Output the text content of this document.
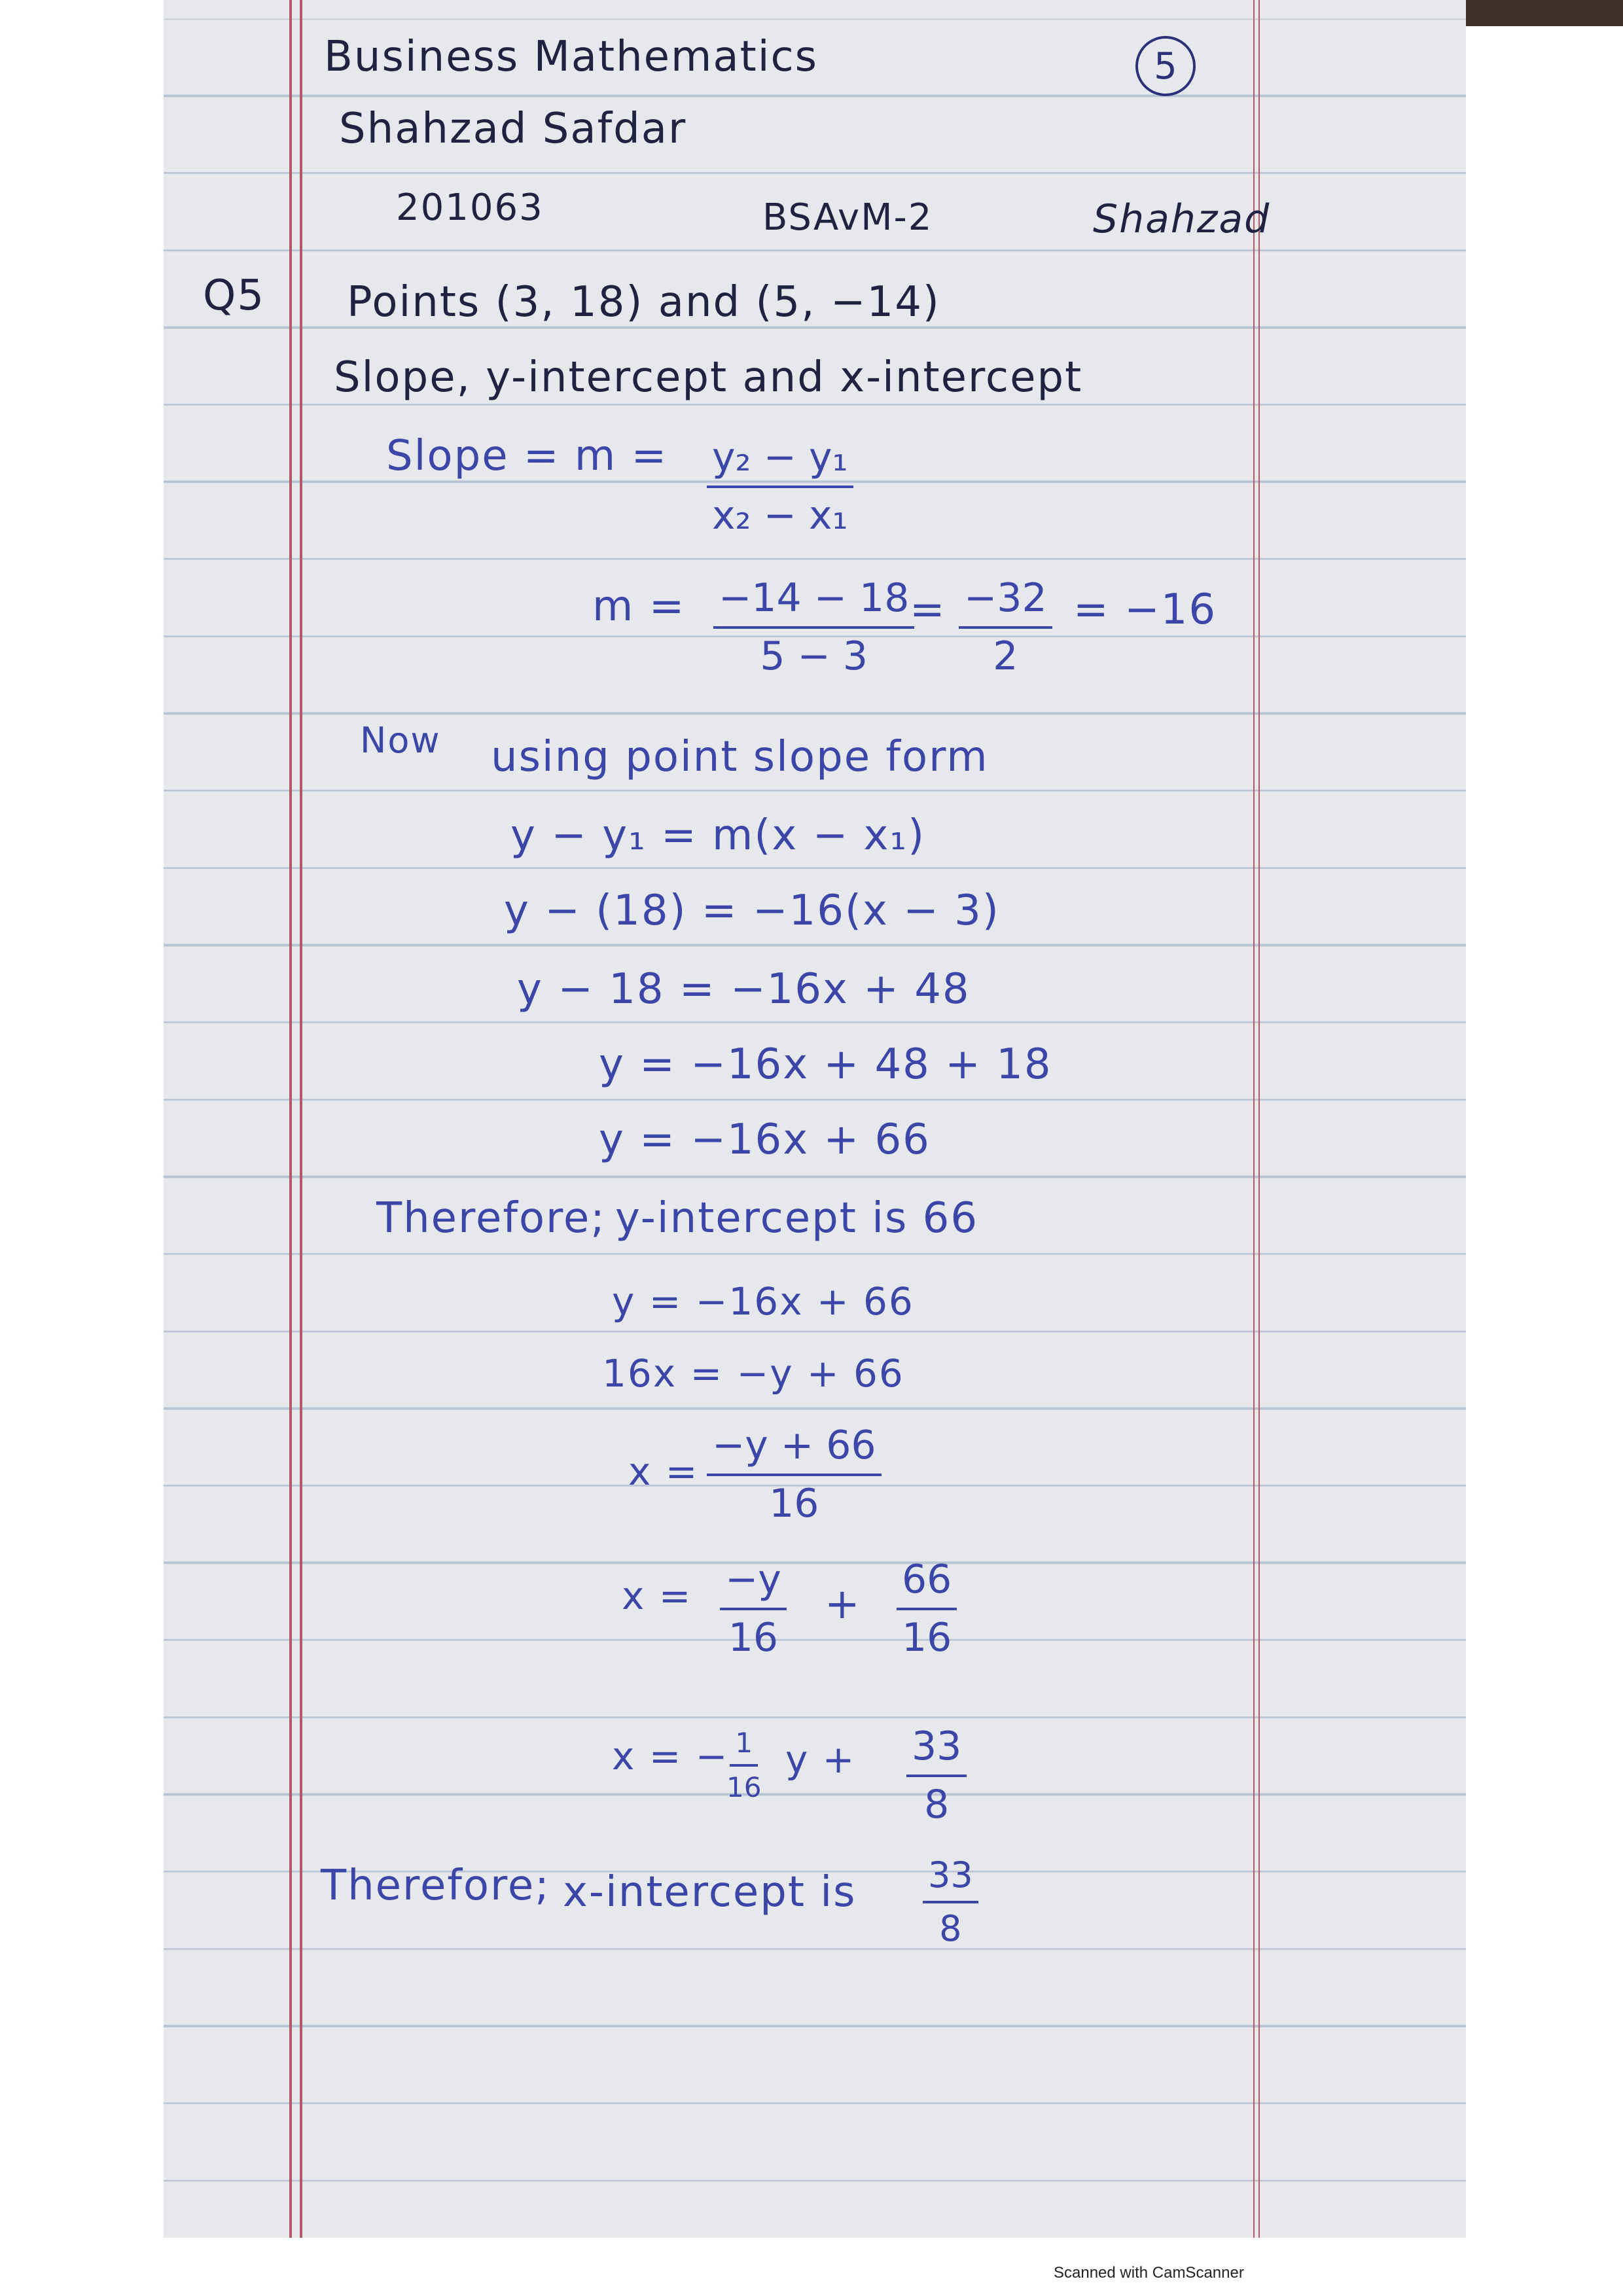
Business Mathematics
Shahzad Safdar
5
201063	BSAvM-2	Shahzad
Q5 Points (3, 18) and (5, −14)
Slope, y-intercept and x-intercept
Slope = $m = \frac{\text{y₂ − y₁}}{\text{x₂ − x₁}}$
$m = \frac{-14 - 18}{5 - 3}$
= $\frac{-32}{2} = -16$
Now using point slope form
y − y₁ = m(x − x₁)
y − (18) = −16(x − 3)
y − 18 = −16x + 48
y = −16x + 48 + 18
y = −16x + 66
Therefore; y-intercept is 66
y = −16x + 66
16x = −y + 66
$x = \frac{-y + 66}{16}$
$x = \frac{-y}{16} + \frac{66}{16}$
x = −
$\frac{1}{16}$ $y + \frac{33}{8}$
Therefore; x-intercept is $\frac{33}{8}$
Scanned with CamScanner
